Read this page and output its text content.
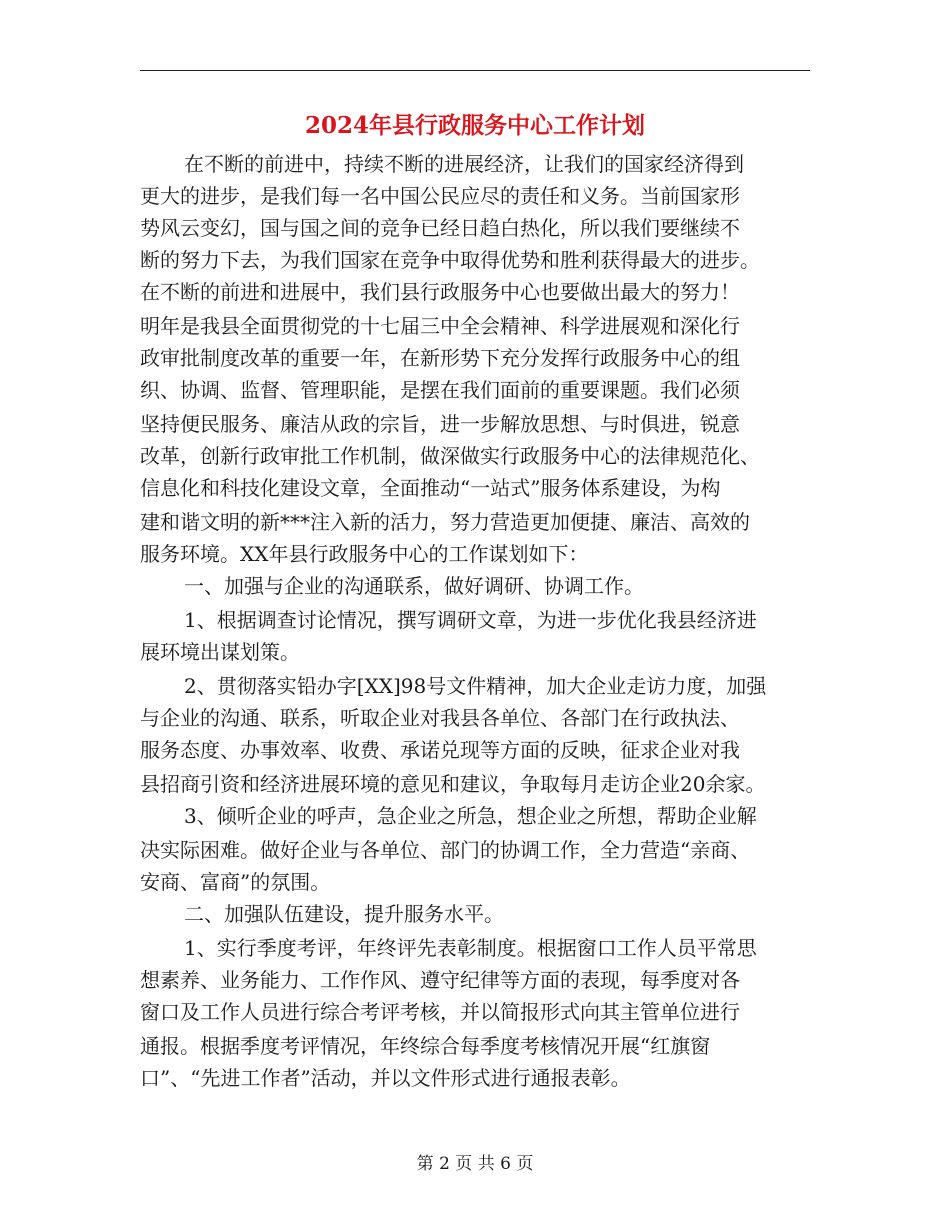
2024年县行政服务中心工作计划
在不断的前进中，持续不断的进展经济，让我们的国家经济得到
更大的进步，是我们每一名中国公民应尽的责任和义务。当前国家形
势风云变幻，国与国之间的竞争已经日趋白热化，所以我们要继续不
断的努力下去，为我们国家在竞争中取得优势和胜利获得最大的进步。
在不断的前进和进展中，我们县行政服务中心也要做出最大的努力！
明年是我县全面贯彻党的十七届三中全会精神、科学进展观和深化行
政审批制度改革的重要一年，在新形势下充分发挥行政服务中心的组
织、协调、监督、管理职能，是摆在我们面前的重要课题。我们必须
坚持便民服务、廉洁从政的宗旨，进一步解放思想、与时俱进，锐意
改革，创新行政审批工作机制，做深做实行政服务中心的法律规范化、
信息化和科技化建设文章，全面推动“一站式”服务体系建设，为构
建和谐文明的新***注入新的活力，努力营造更加便捷、廉洁、高效的
服务环境。XX年县行政服务中心的工作谋划如下：
一、加强与企业的沟通联系，做好调研、协调工作。
1、根据调查讨论情况，撰写调研文章，为进一步优化我县经济进
展环境出谋划策。
2、贯彻落实铅办字[XX]98号文件精神，加大企业走访力度，加强
与企业的沟通、联系，听取企业对我县各单位、各部门在行政执法、
服务态度、办事效率、收费、承诺兑现等方面的反映，征求企业对我
县招商引资和经济进展环境的意见和建议，争取每月走访企业20余家。
3、倾听企业的呼声，急企业之所急，想企业之所想，帮助企业解
决实际困难。做好企业与各单位、部门的协调工作，全力营造“亲商、
安商、富商”的氛围。
二、加强队伍建设，提升服务水平。
1、实行季度考评，年终评先表彰制度。根据窗口工作人员平常思
想素养、业务能力、工作作风、遵守纪律等方面的表现，每季度对各
窗口及工作人员进行综合考评考核，并以简报形式向其主管单位进行
通报。根据季度考评情况，年终综合每季度考核情况开展“红旗窗
口”、“先进工作者”活动，并以文件形式进行通报表彰。
第 2 页 共 6 页
